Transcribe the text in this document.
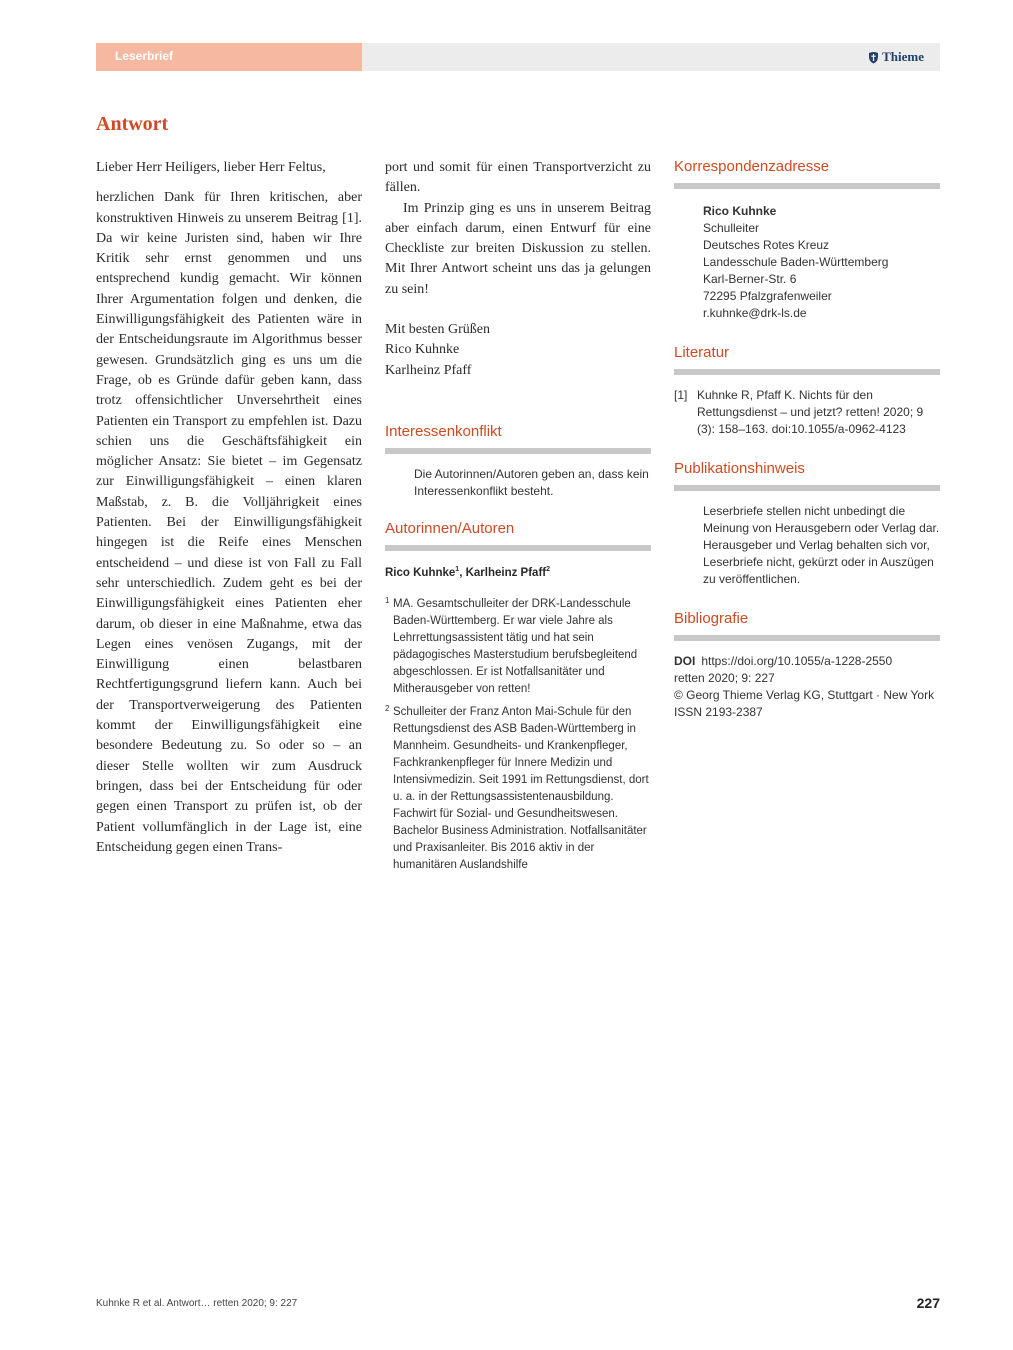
Leserbrief	Thieme
Antwort

Lieber Herr Heiligers, lieber Herr Feltus,

herzlichen Dank für Ihren kritischen, aber konstruktiven Hinweis zu unserem Beitrag [1]. Da wir keine Juristen sind, haben wir Ihre Kritik sehr ernst genommen und uns entsprechend kundig gemacht. Wir können Ihrer Argumentation folgen und denken, die Einwilligungsfähigkeit des Patienten wäre in der Entscheidungsraute im Algorithmus besser gewesen. Grundsätzlich ging es uns um die Frage, ob es Gründe dafür geben kann, dass trotz offensichtlicher Unversehrtheit eines Patienten ein Transport zu empfehlen ist. Dazu schien uns die Geschäftsfähigkeit ein möglicher Ansatz: Sie bietet – im Gegensatz zur Einwilligungsfähigkeit – einen klaren Maßstab, z. B. die Volljährigkeit eines Patienten. Bei der Einwilligungsfähigkeit hingegen ist die Reife eines Menschen entscheidend – und diese ist von Fall zu Fall sehr unterschiedlich. Zudem geht es bei der Einwilligungsfähigkeit eines Patienten eher darum, ob dieser in eine Maßnahme, etwa das Legen eines venösen Zugangs, mit der Einwilligung einen belastbaren Rechtfertigungsgrund liefern kann. Auch bei der Transportverweigerung des Patienten kommt der Einwilligungsfähigkeit eine besondere Bedeutung zu. So oder so – an dieser Stelle wollten wir zum Ausdruck bringen, dass bei der Entscheidung für oder gegen einen Transport zu prüfen ist, ob der Patient vollumfänglich in der Lage ist, eine Entscheidung gegen einen Trans-

port und somit für einen Transportverzicht zu fällen.

Im Prinzip ging es uns in unserem Beitrag aber einfach darum, einen Entwurf für eine Checkliste zur breiten Diskussion zu stellen. Mit Ihrer Antwort scheint uns das ja gelungen zu sein!

Mit besten Grüßen

Rico Kuhnke

Karlheinz Pfaff

Interessenkonflikt
Die Autorinnen/Autoren geben an, dass kein Interessenkonflikt besteht.
Autorinnen/Autoren

Rico Kuhnke$^1$, Karlheinz Pfaff$^2$

1 MA. Gesamtschulleiter der DRK-Landesschule Baden-Württemberg. Er war viele Jahre als Lehrrettungsassistent tätig und hat sein pädagogisches Masterstudium berufsbegleitend abgeschlossen. Er ist Notfallsanitäter und Mitherausgeber von retten!

2 Schulleiter der Franz Anton Mai-Schule für den Rettungsdienst des ASB Baden-Württemberg in Mannheim. Gesundheits- und Krankenpfleger, Fachkrankenpfleger für Innere Medizin und Intensivmedizin. Seit 1991 im Rettungsdienst, dort u. a. in der Rettungsassistentenausbildung. Fachwirt für Sozial- und Gesundheitswesen. Bachelor Business Administration. Notfallsanitäter und Praxisanleiter. Bis 2016 aktiv in der humanitären Auslandshilfe

Korrespondenzadresse
Rico Kuhnke
Schulleiter
Deutsches Rotes Kreuz
Landesschule Baden-Württemberg
Karl-Berner-Str. 6
72295 Pfalzgrafenweiler
r.kuhnke@drk-ls.de
Literatur

[1] Kuhnke R, Pfaff K. Nichts für den Rettungsdienst – und jetzt? retten! 2020; 9 (3): 158–163. doi:10.1055/a-0962-4123

Publikationshinweis
Leserbriefe stellen nicht unbedingt die Meinung von Herausgebern oder Verlag dar. Herausgeber und Verlag behalten sich vor, Leserbriefe nicht, gekürzt oder in Auszügen zu veröffentlichen.
Bibliografie
DOI https://doi.org/10.1055/a-1228-2550
retten 2020; 9: 227
© Georg Thieme Verlag KG, Stuttgart · New York
ISSN 2193-2387
Kuhnke R et al. Antwort… retten 2020; 9: 227	227
